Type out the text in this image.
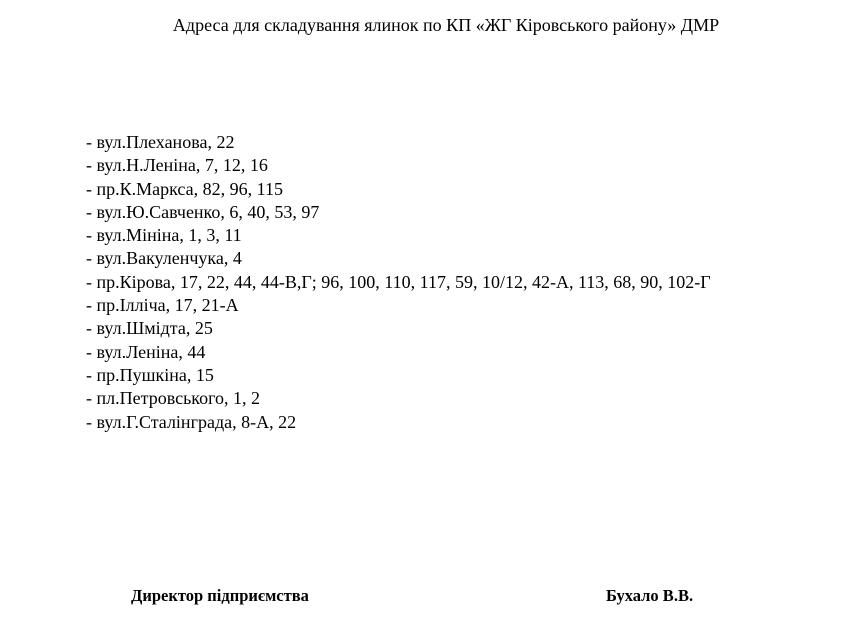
Адреса для складування ялинок по КП «ЖГ Кіровського району» ДМР
- вул.Плеханова, 22
- вул.Н.Леніна, 7, 12, 16
- пр.К.Маркса, 82, 96, 115
- вул.Ю.Савченко, 6, 40, 53, 97
- вул.Мініна, 1, 3, 11
- вул.Вакуленчука, 4
- пр.Кірова, 17, 22, 44, 44-В,Г; 96, 100, 110, 117, 59, 10/12, 42-А, 113, 68, 90, 102-Г
- пр.Ілліча, 17, 21-А
- вул.Шмідта, 25
- вул.Леніна, 44
- пр.Пушкіна, 15
- пл.Петровського, 1, 2
- вул.Г.Сталінграда, 8-А, 22
Директор підприємства	Бухало В.В.
